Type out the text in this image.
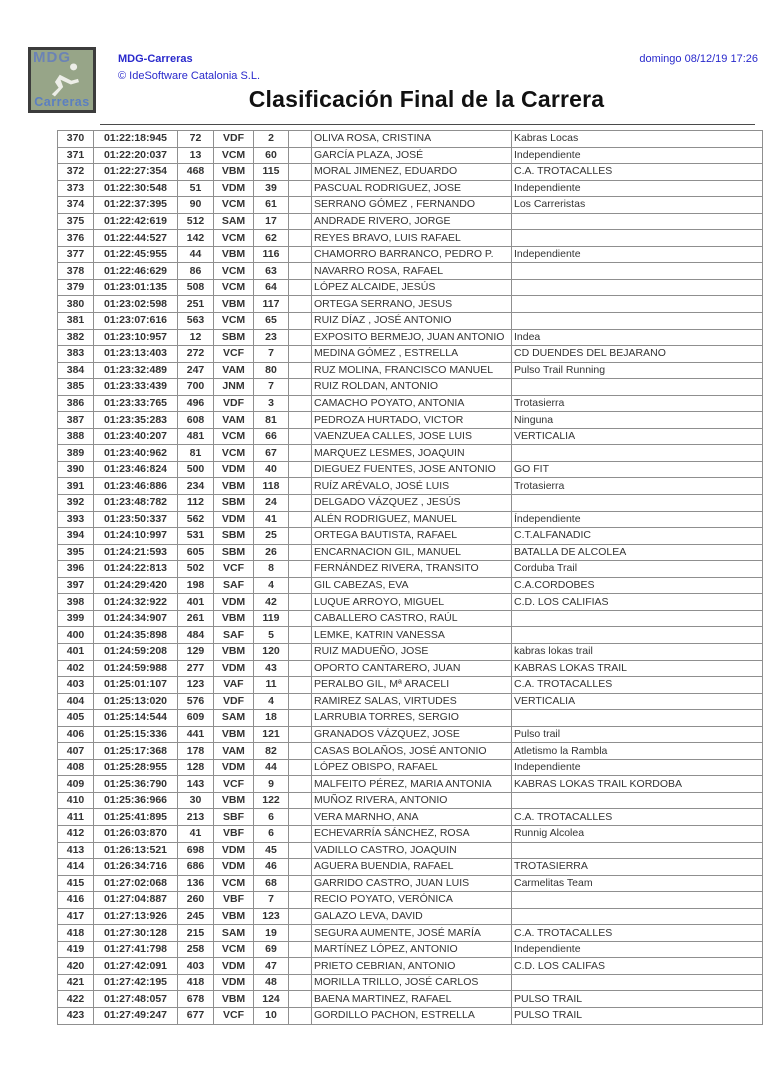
MDG
Carreras
MDG-Carreras
© IdeSoftware Catalonia S.L.
domingo 08/12/19 17:26
Clasificación Final de la Carrera
370	01:22:18:945	72	VDF	2		OLIVA ROSA, CRISTINA	Kabras Locas
371	01:22:20:037	13	VCM	60		GARCÍA PLAZA, JOSÉ	Independiente
372	01:22:27:354	468	VBM	115		MORAL JIMENEZ, EDUARDO	C.A. TROTACALLES
373	01:22:30:548	51	VDM	39		PASCUAL RODRIGUEZ, JOSE	Independiente
374	01:22:37:395	90	VCM	61		SERRANO GÓMEZ , FERNANDO	Los Carreristas
375	01:22:42:619	512	SAM	17		ANDRADE RIVERO, JORGE	
376	01:22:44:527	142	VCM	62		REYES BRAVO, LUIS RAFAEL	
377	01:22:45:955	44	VBM	116		CHAMORRO BARRANCO, PEDRO P.	Independiente
378	01:22:46:629	86	VCM	63		NAVARRO ROSA, RAFAEL	
379	01:23:01:135	508	VCM	64		LÓPEZ ALCAIDE, JESÚS	
380	01:23:02:598	251	VBM	117		ORTEGA SERRANO, JESUS	
381	01:23:07:616	563	VCM	65		RUIZ DÍAZ , JOSÉ ANTONIO	
382	01:23:10:957	12	SBM	23		EXPOSITO BERMEJO, JUAN ANTONIO	Indea
383	01:23:13:403	272	VCF	7		MEDINA GÓMEZ , ESTRELLA	CD DUENDES DEL BEJARANO
384	01:23:32:489	247	VAM	80		RUZ MOLINA, FRANCISCO MANUEL	Pulso Trail Running
385	01:23:33:439	700	JNM	7		RUIZ ROLDAN, ANTONIO	
386	01:23:33:765	496	VDF	3		CAMACHO POYATO, ANTONIA	Trotasierra
387	01:23:35:283	608	VAM	81		PEDROZA HURTADO, VICTOR	Ninguna
388	01:23:40:207	481	VCM	66		VAENZUEA CALLES, JOSE LUIS	VERTICALIA
389	01:23:40:962	81	VCM	67		MARQUEZ LESMES, JOAQUIN	
390	01:23:46:824	500	VDM	40		DIEGUEZ FUENTES, JOSE ANTONIO	GO FIT
391	01:23:46:886	234	VBM	118		RUÍZ ARÉVALO, JOSÉ LUIS	Trotasierra
392	01:23:48:782	112	SBM	24		DELGADO VÁZQUEZ , JESÚS	
393	01:23:50:337	562	VDM	41		ALÉN RODRIGUEZ, MANUEL	Índependiente
394	01:24:10:997	531	SBM	25		ORTEGA BAUTISTA, RAFAEL	C.T.ALFANADIC
395	01:24:21:593	605	SBM	26		ENCARNACION GIL, MANUEL	BATALLA DE ALCOLEA
396	01:24:22:813	502	VCF	8		FERNÁNDEZ RIVERA, TRANSITO	Corduba Trail
397	01:24:29:420	198	SAF	4		GIL CABEZAS, EVA	C.A.CORDOBES
398	01:24:32:922	401	VDM	42		LUQUE ARROYO, MIGUEL	C.D. LOS CALIFIAS
399	01:24:34:907	261	VBM	119		CABALLERO CASTRO, RAÚL	
400	01:24:35:898	484	SAF	5		LEMKE, KATRIN VANESSA	
401	01:24:59:208	129	VBM	120		RUIZ MADUEÑO, JOSE	kabras lokas trail
402	01:24:59:988	277	VDM	43		OPORTO CANTARERO, JUAN	KABRAS LOKAS TRAIL
403	01:25:01:107	123	VAF	11		PERALBO GIL, Mª ARACELI	C.A. TROTACALLES
404	01:25:13:020	576	VDF	4		RAMIREZ SALAS, VIRTUDES	VERTICALIA
405	01:25:14:544	609	SAM	18		LARRUBIA TORRES, SERGIO	
406	01:25:15:336	441	VBM	121		GRANADOS VÁZQUEZ, JOSE	Pulso trail
407	01:25:17:368	178	VAM	82		CASAS BOLAÑOS, JOSÉ ANTONIO	Atletismo la Rambla
408	01:25:28:955	128	VDM	44		LÓPEZ OBISPO, RAFAEL	Independiente
409	01:25:36:790	143	VCF	9		MALFEITO PÉREZ, MARIA ANTONIA	KABRAS LOKAS TRAIL KORDOBA
410	01:25:36:966	30	VBM	122		MUÑOZ RIVERA, ANTONIO	
411	01:25:41:895	213	SBF	6		VERA MARNHO, ANA	C.A. TROTACALLES
412	01:26:03:870	41	VBF	6		ECHEVARRÍA SÁNCHEZ, ROSA	Runnig Alcolea
413	01:26:13:521	698	VDM	45		VADILLO CASTRO, JOAQUIN	
414	01:26:34:716	686	VDM	46		AGUERA BUENDIA, RAFAEL	TROTASIERRA
415	01:27:02:068	136	VCM	68		GARRIDO CASTRO, JUAN LUIS	Carmelitas Team
416	01:27:04:887	260	VBF	7		RECIO POYATO, VERÓNICA	
417	01:27:13:926	245	VBM	123		GALAZO LEVA, DAVID	
418	01:27:30:128	215	SAM	19		SEGURA AUMENTE, JOSÉ MARÍA	C.A. TROTACALLES
419	01:27:41:798	258	VCM	69		MARTÍNEZ LÓPEZ, ANTONIO	Independiente
420	01:27:42:091	403	VDM	47		PRIETO CEBRIAN, ANTONIO	C.D. LOS CALIFAS
421	01:27:42:195	418	VDM	48		MORILLA TRILLO, JOSÉ CARLOS	
422	01:27:48:057	678	VBM	124		BAENA MARTINEZ, RAFAEL	PULSO TRAIL
423	01:27:49:247	677	VCF	10		GORDILLO PACHON, ESTRELLA	PULSO TRAIL
